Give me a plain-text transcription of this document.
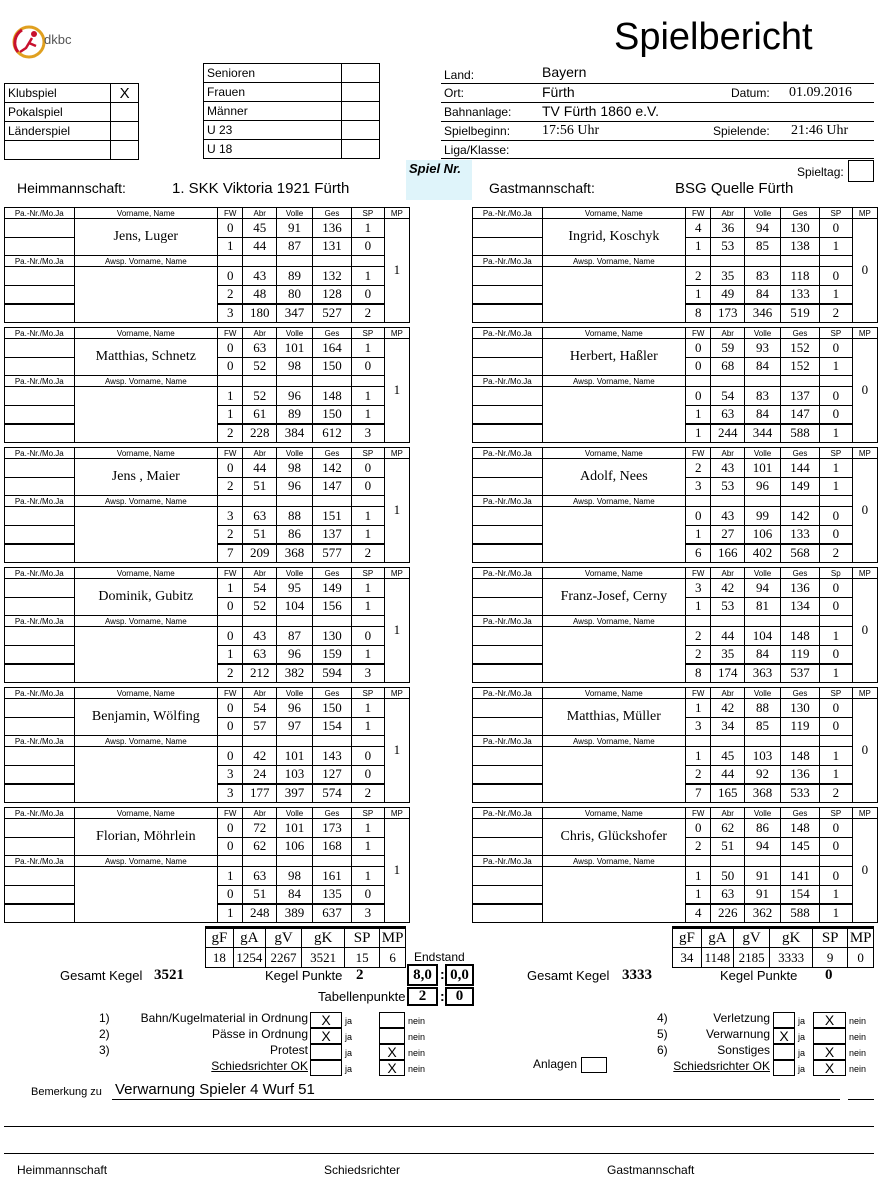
dkbc	Spielbericht
Klubspiel	X
Pokalspiel	
Länderspiel	

Senioren	
Frauen	
Männer	
U 23	
U 18	
Land:	Bayern
Ort:	Fürth	Datum: 01.09.2016
Bahnanlage: TV Fürth 1860 e.V.
Spielbeginn: 17:56 Uhr	Spielende: 21:46 Uhr
Liga/Klasse:
Spiel Nr.	Spieltag:
Heimmannschaft:	1. SKK Viktoria 1921 Fürth	Gastmannschaft:	BSG Quelle Fürth
Pa.-Nr./Mo.Ja	Vorname, Name	FW	Abr	Volle	Ges	SP	MP
	Jens, Luger	0	45	91	136	1	1
		1	44	87	131	0	
Pa.-Nr./Mo.Ja	Awsp. Vorname, Name						
		0	43	89	132	1	
		2	48	80	128	0	
		3	180	347	527	2	
Pa.-Nr./Mo.Ja	Vorname, Name	FW	Abr	Volle	Ges	SP	MP
	Matthias, Schnetz	0	63	101	164	1	1
		0	52	98	150	0	
Pa.-Nr./Mo.Ja	Awsp. Vorname, Name						
		1	52	96	148	1	
		1	61	89	150	1	
		2	228	384	612	3	
Pa.-Nr./Mo.Ja	Vorname, Name	FW	Abr	Volle	Ges	SP	MP
	Jens , Maier	0	44	98	142	0	1
		2	51	96	147	0	
Pa.-Nr./Mo.Ja	Awsp. Vorname, Name						
		3	63	88	151	1	
		2	51	86	137	1	
		7	209	368	577	2	
Pa.-Nr./Mo.Ja	Vorname, Name	FW	Abr	Volle	Ges	SP	MP
	Dominik, Gubitz	1	54	95	149	1	1
		0	52	104	156	1	
Pa.-Nr./Mo.Ja	Awsp. Vorname, Name						
		0	43	87	130	0	
		1	63	96	159	1	
		2	212	382	594	3	
Pa.-Nr./Mo.Ja	Vorname, Name	FW	Abr	Volle	Ges	SP	MP
	Benjamin, Wölfing	0	54	96	150	1	1
		0	57	97	154	1	
Pa.-Nr./Mo.Ja	Awsp. Vorname, Name						
		0	42	101	143	0	
		3	24	103	127	0	
		3	177	397	574	2	
Pa.-Nr./Mo.Ja	Vorname, Name	FW	Abr	Volle	Ges	SP	MP
	Florian, Möhrlein	0	72	101	173	1	1
		0	62	106	168	1	
Pa.-Nr./Mo.Ja	Awsp. Vorname, Name						
		1	63	98	161	1	
		0	51	84	135	0	
		1	248	389	637	3	
Pa.-Nr./Mo.Ja	Vorname, Name	FW	Abr	Volle	Ges	SP	MP
	Ingrid, Koschyk	4	36	94	130	0	0
		1	53	85	138	1	
Pa.-Nr./Mo.Ja	Awsp. Vorname, Name						
		2	35	83	118	0	
		1	49	84	133	1	
		8	173	346	519	2	
Pa.-Nr./Mo.Ja	Vorname, Name	FW	Abr	Volle	Ges	SP	MP
	Herbert, Haßler	0	59	93	152	0	0
		0	68	84	152	1	
Pa.-Nr./Mo.Ja	Awsp. Vorname, Name						
		0	54	83	137	0	
		1	63	84	147	0	
		1	244	344	588	1	
Pa.-Nr./Mo.Ja	Vorname, Name	FW	Abr	Volle	Ges	SP	MP
	Adolf, Nees	2	43	101	144	1	0
		3	53	96	149	1	
Pa.-Nr./Mo.Ja	Awsp. Vorname, Name						
		0	43	99	142	0	
		1	27	106	133	0	
		6	166	402	568	2	
Pa.-Nr./Mo.Ja	Vorname, Name	FW	Abr	Volle	Ges	Sp	MP
	Franz-Josef, Cerny	3	42	94	136	0	0
		1	53	81	134	0	
Pa.-Nr./Mo.Ja	Awsp. Vorname, Name						
		2	44	104	148	1	
		2	35	84	119	0	
		8	174	363	537	1	
Pa.-Nr./Mo.Ja	Vorname, Name	FW	Abr	Volle	Ges	SP	MP
	Matthias, Müller	1	42	88	130	0	0
		3	34	85	119	0	
Pa.-Nr./Mo.Ja	Awsp. Vorname, Name						
		1	45	103	148	1	
		2	44	92	136	1	
		7	165	368	533	2	
Pa.-Nr./Mo.Ja	Vorname, Name	FW	Abr	Volle	Ges	SP	MP
	Chris, Glückshofer	0	62	86	148	0	0
		2	51	94	145	0	
Pa.-Nr./Mo.Ja	Awsp. Vorname, Name						
		1	50	91	141	0	
		1	63	91	154	1	
		4	226	362	588	1	
gF	gA	gV	gK	SP	MP
18	1254	2267	3521	15	6
gF	gA	gV	gK	SP	MP
34	1148	2185	3333	9	0
Gesamt Kegel 3521	Kegel Punkte 2
Endstand
8,0 : 0,0
Tabellenpunkte 2 : 0
Gesamt Kegel 3333	Kegel Punkte 0
1)	Bahn/Kugelmaterial in Ordnung X	ja	nein
2)	Pässe in Ordnung X	ja	nein
3)	Protest	ja	X	nein
Schiedsrichter OK	ja	X	nein
4)	Verletzung	ja	X	nein
5)	Verwarnung X	ja	nein
6)	Sonstiges	ja	X	nein
Schiedsrichter OK	ja	X	nein
Anlagen
Bemerkung zu Verwarnung Spieler 4 Wurf 51
Heimmannschaft	Schiedsrichter	Gastmannschaft
